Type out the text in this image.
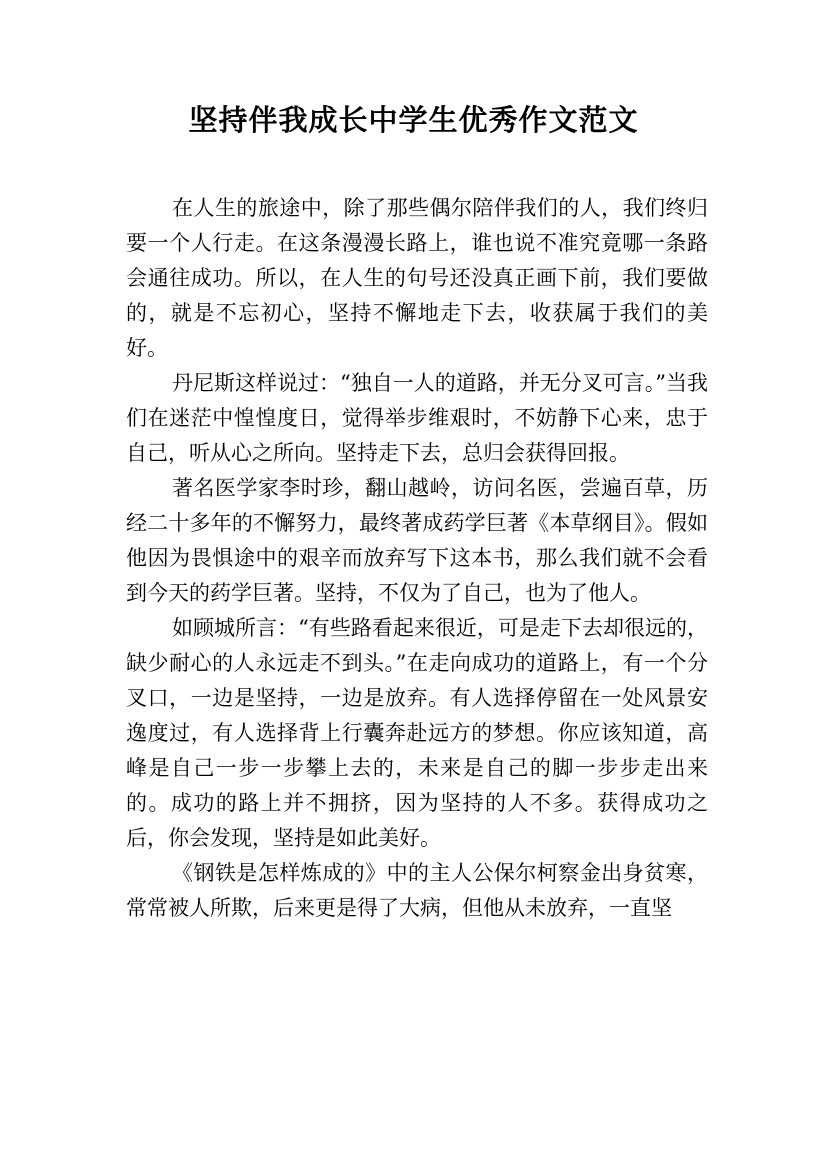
坚持伴我成长中学生优秀作文范文

在人生的旅途中，除了那些偶尔陪伴我们的人，我们终归要一个人行走。在这条漫漫长路上，谁也说不准究竟哪一条路会通往成功。所以，在人生的句号还没真正画下前，我们要做的，就是不忘初心，坚持不懈地走下去，收获属于我们的美好。

丹尼斯这样说过：“独自一人的道路，并无分叉可言。”当我们在迷茫中惶惶度日，觉得举步维艰时，不妨静下心来，忠于自己，听从心之所向。坚持走下去，总归会获得回报。

著名医学家李时珍，翻山越岭，访问名医，尝遍百草，历经二十多年的不懈努力，最终著成药学巨著《本草纲目》。假如他因为畏惧途中的艰辛而放弃写下这本书，那么我们就不会看到今天的药学巨著。坚持，不仅为了自己，也为了他人。

如顾城所言：“有些路看起来很近，可是走下去却很远的，缺少耐心的人永远走不到头。”在走向成功的道路上，有一个分叉口，一边是坚持，一边是放弃。有人选择停留在一处风景安逸度过，有人选择背上行囊奔赴远方的梦想。你应该知道，高峰是自己一步一步攀上去的，未来是自己的脚一步步走出来的。成功的路上并不拥挤，因为坚持的人不多。获得成功之后，你会发现，坚持是如此美好。

《钢铁是怎样炼成的》中的主人公保尔柯察金出身贫寒，常常被人所欺，后来更是得了大病，但他从未放弃，一直坚
